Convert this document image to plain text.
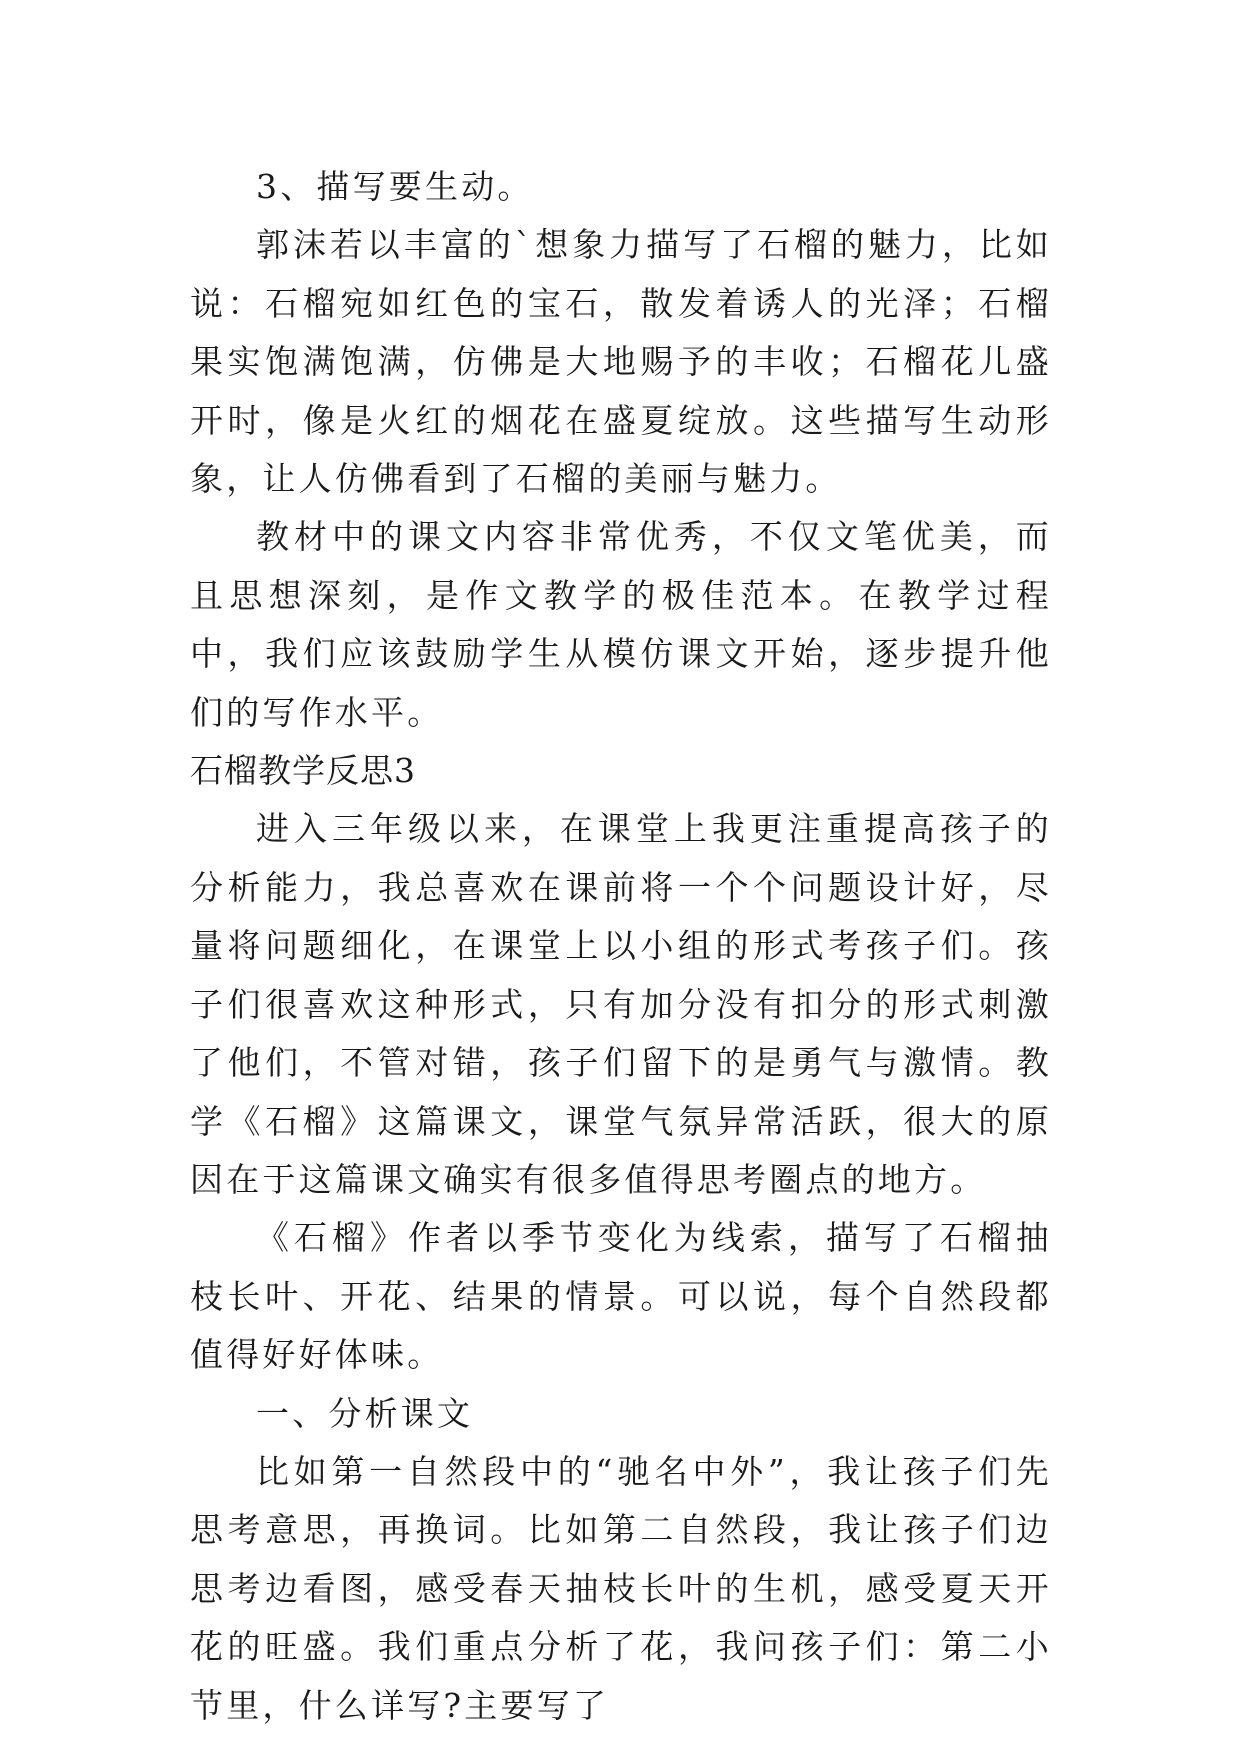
3、描写要生动。

郭沫若以丰富的`想象力描写了石榴的魅力，比如说：石榴宛如红色的宝石，散发着诱人的光泽；石榴果实饱满饱满，仿佛是大地赐予的丰收；石榴花儿盛开时，像是火红的烟花在盛夏绽放。这些描写生动形象，让人仿佛看到了石榴的美丽与魅力。

教材中的课文内容非常优秀，不仅文笔优美，而且思想深刻，是作文教学的极佳范本。在教学过程中，我们应该鼓励学生从模仿课文开始，逐步提升他们的写作水平。

石榴教学反思3

进入三年级以来，在课堂上我更注重提高孩子的分析能力，我总喜欢在课前将一个个问题设计好，尽量将问题细化，在课堂上以小组的形式考孩子们。孩子们很喜欢这种形式，只有加分没有扣分的形式刺激了他们，不管对错，孩子们留下的是勇气与激情。教学《石榴》这篇课文，课堂气氛异常活跃，很大的原因在于这篇课文确实有很多值得思考圈点的地方。

《石榴》作者以季节变化为线索，描写了石榴抽枝长叶、开花、结果的情景。可以说，每个自然段都值得好好体味。

一、分析课文

比如第一自然段中的“驰名中外”，我让孩子们先思考意思，再换词。比如第二自然段，我让孩子们边思考边看图，感受春天抽枝长叶的生机，感受夏天开花的旺盛。我们重点分析了花，我问孩子们：第二小节里，什么详写?主要写了
